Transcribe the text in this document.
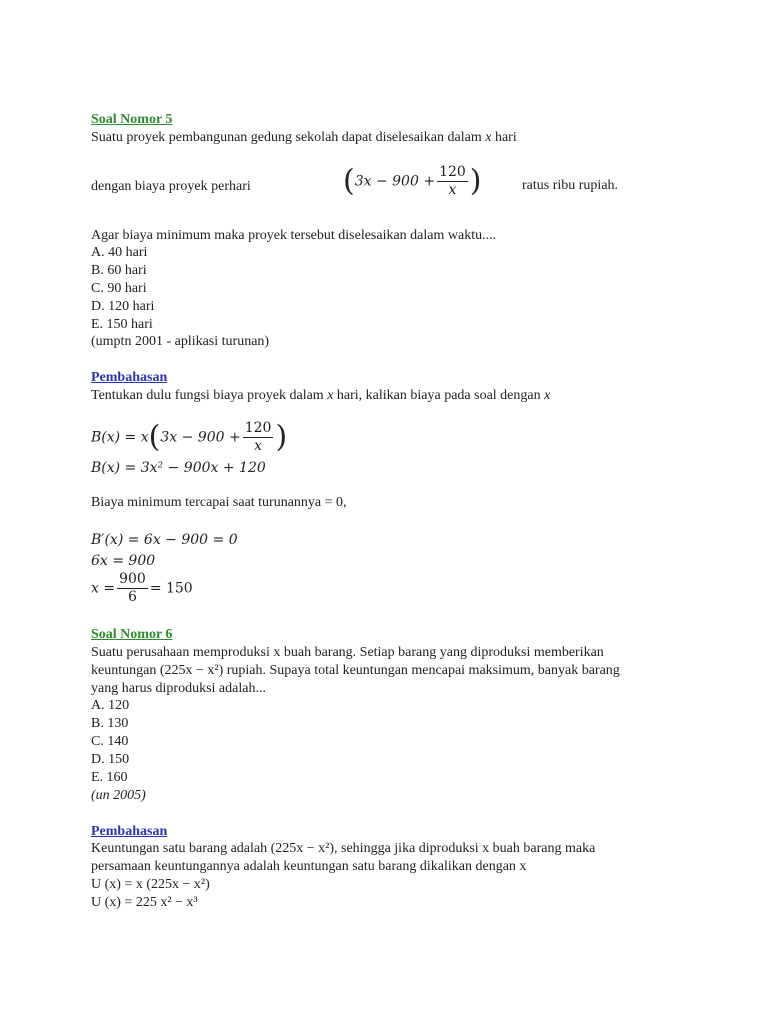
Soal Nomor 5
Suatu proyek pembangunan gedung sekolah dapat diselesaikan dalam x hari
dengan biaya proyek perhari	($3x - 900 + \frac{120}{x}$ )	ratus ribu rupiah.
Agar biaya minimum maka proyek tersebut diselesaikan dalam waktu....
A. 40 hari
B. 60 hari
C. 90 hari
D. 120 hari
E. 150 hari
(umptn 2001 - aplikasi turunan)
Pembahasan
Tentukan dulu fungsi biaya proyek dalam x hari, kalikan biaya pada soal dengan x
$B(x) = x(3x - 900 + \frac{120}{x}$ )
B(x) = 3x² − 900x + 120
Biaya minimum tercapai saat turunannya = 0,
B′(x) = 6x − 900 = 0
6x = 900
$x = \frac{900}{6} = 150$
Soal Nomor 6
Suatu perusahaan memproduksi x buah barang. Setiap barang yang diproduksi memberikan
keuntungan (225x − x²) rupiah. Supaya total keuntungan mencapai maksimum, banyak barang
yang harus diproduksi adalah...
A. 120
B. 130
C. 140
D. 150
E. 160
(un 2005)
Pembahasan
Keuntungan satu barang adalah (225x − x²), sehingga jika diproduksi x buah barang maka
persamaan keuntungannya adalah keuntungan satu barang dikalikan dengan x
U (x) = x (225x − x²)
U (x) = 225 x² − x³
